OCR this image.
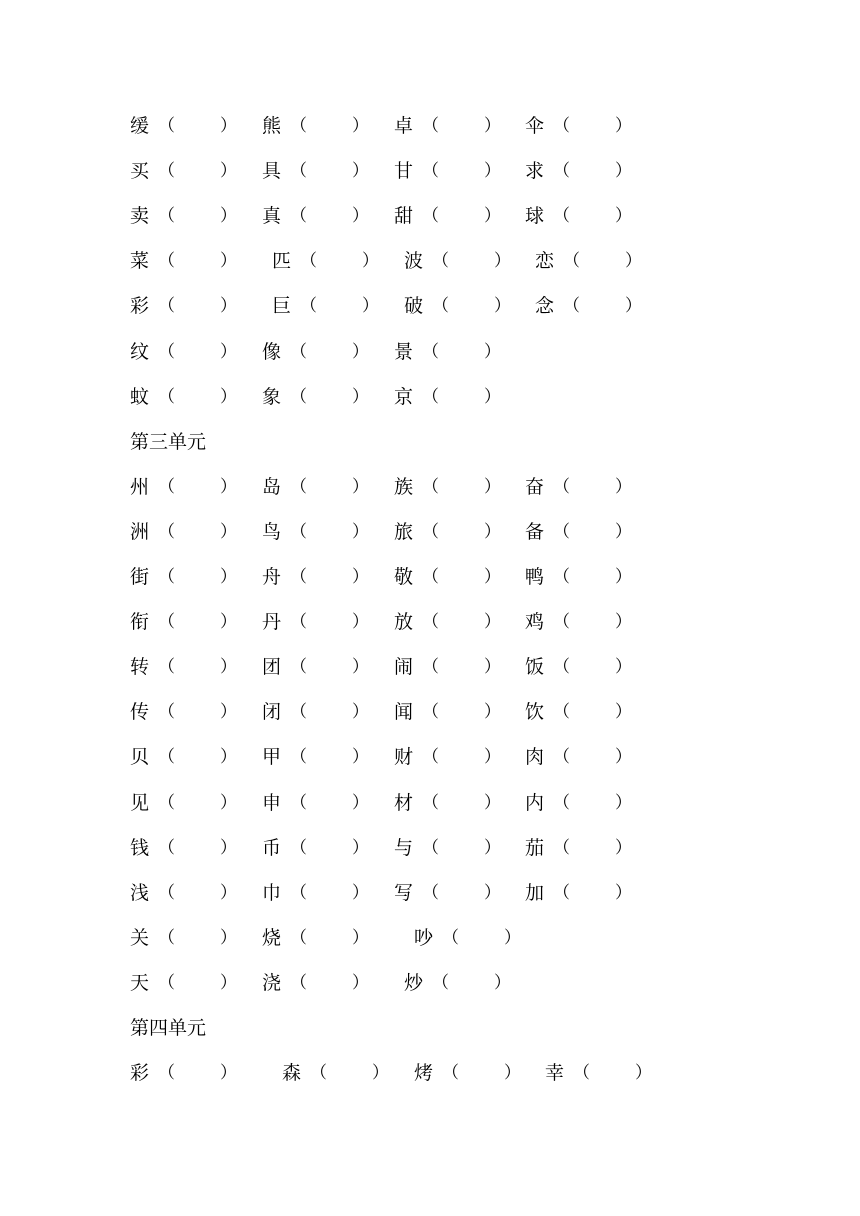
缓 （	） 熊 （	） 卓 （	） 伞 （	）
买 （	） 具 （	） 甘 （	） 求 （	）
卖 （	） 真 （	） 甜 （	） 球 （	）
菜 （	） 匹 （	） 波 （	） 恋 （	）
彩 （	） 巨 （	） 破 （	） 念 （	）
纹 （	） 像 （	） 景 （	）
蚊 （	） 象 （	） 京 （	）
第三单元
州 （	） 岛 （	） 族 （	） 奋 （	）
洲 （	） 鸟 （	） 旅 （	） 备 （	）
街 （	） 舟 （	） 敬 （	） 鸭 （	）
衔 （	） 丹 （	） 放 （	） 鸡 （	）
转 （	） 团 （	） 闹 （	） 饭 （	）
传 （	） 闭 （	） 闻 （	） 饮 （	）
贝 （	） 甲 （	） 财 （	） 肉 （	）
见 （	） 申 （	） 材 （	） 内 （	）
钱 （	） 币 （	） 与 （	） 茄 （	）
浅 （	） 巾 （	） 写 （	） 加 （	）
关 （	） 烧 （	） 吵 （	）
天 （	） 浇 （	） 炒 （	）
第四单元
彩 （	） 森 （	） 烤 （	） 幸 （	）
